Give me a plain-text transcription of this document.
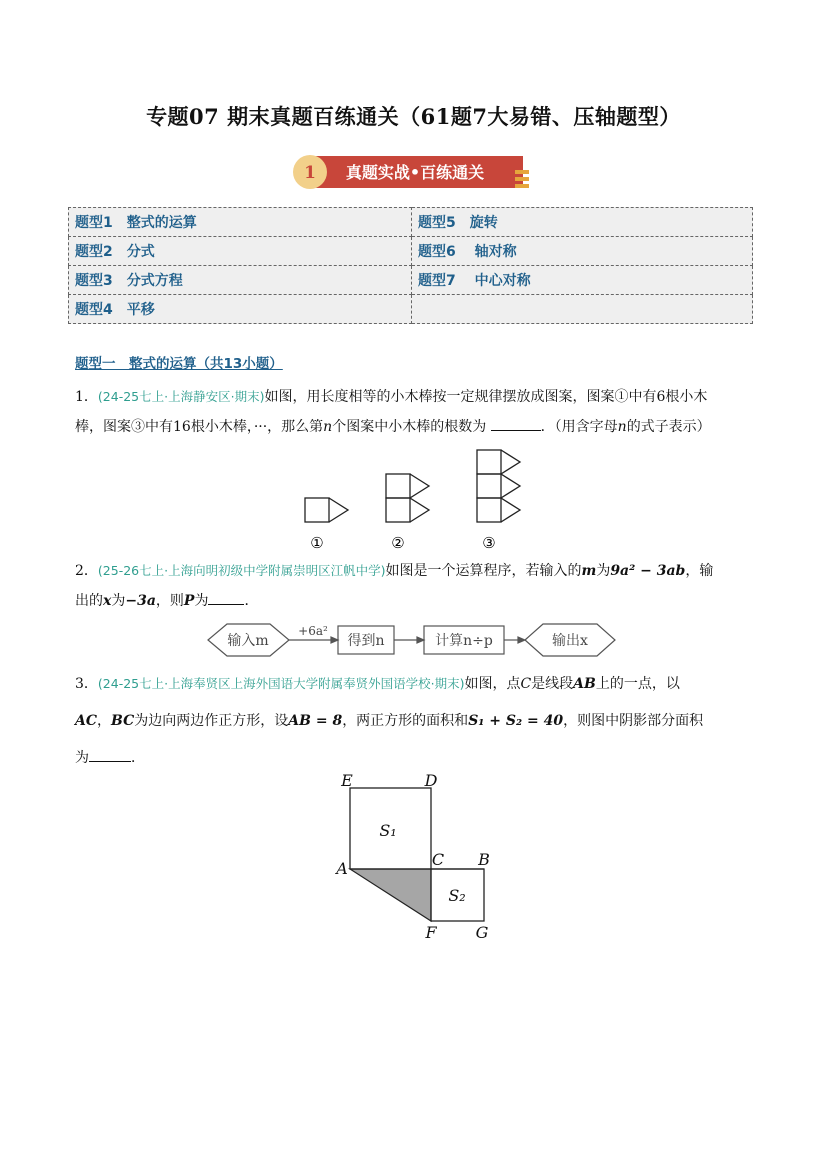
专题07 期末真题百练通关（61题7大易错、压轴题型）
1 真题实战•百练通关
题型1　整式的运算	题型5　旋转
题型2　分式	题型6　 轴对称
题型3　分式方程	题型7　 中心对称
题型4　平移	
题型一　整式的运算（共13小题）
1．(24-25七上·上海静安区·期末)如图，用长度相等的小木棒按一定规律摆放成图案，图案①中有6根小木
棒，图案③中有16根小木棒，···，那么第n个图案中小木棒的根数为	．（用含字母n的式子表示）
①	②	③
2．(25-26七上·上海向明初级中学附属崇明区江帆中学)如图是一个运算程序，若输入的m为9a² − 3ab，输
出的x为−3a，则P为	．
输入m
+6a²
得到n	计算n÷p	输出x
3．(24-25七上·上海奉贤区上海外国语大学附属奉贤外国语学校·期末)如图，点C是线段AB上的一点，以
AC，BC为边向两边作正方形，设AB = 8，两正方形的面积和S₁ + S₂ = 40，则图中阴影部分面积
为	．
E	D
A	C B
F G
S₁
S₂
